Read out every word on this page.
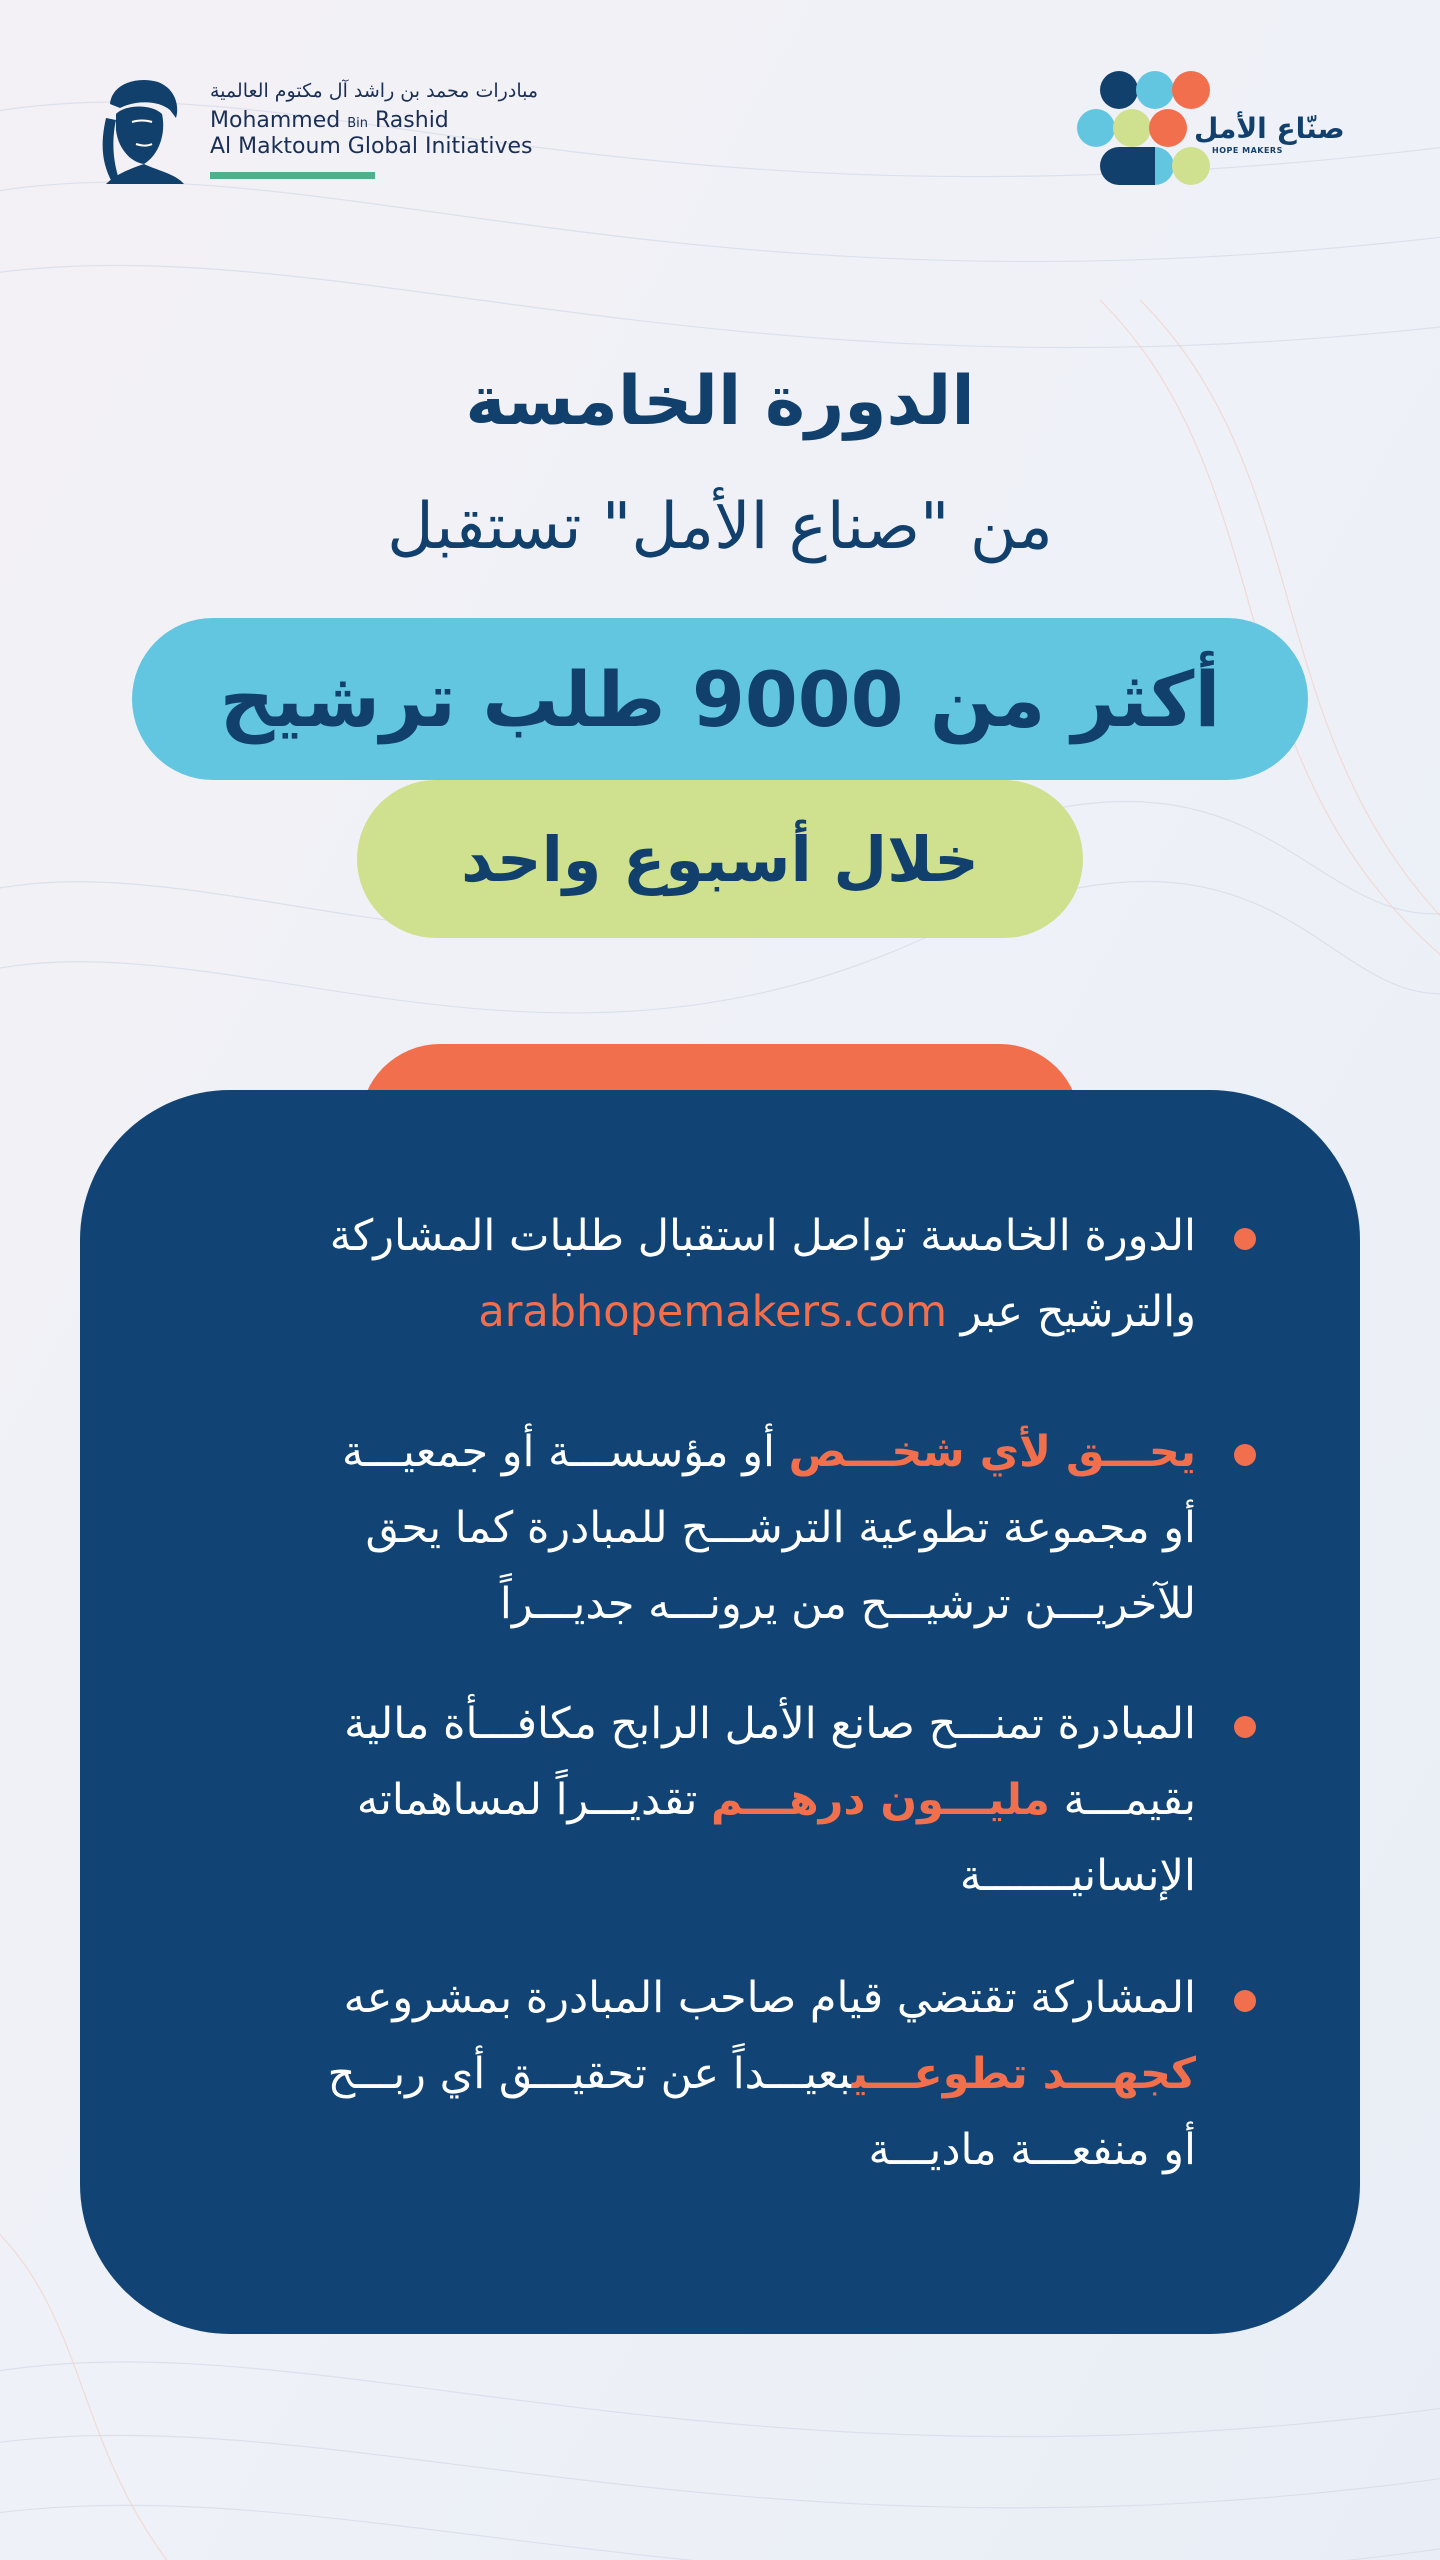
مبادرات محمد بن راشد آل مكتوم العالمية
Mohammed Bin Rashid
Al Maktoum Global Initiatives
صنّاع الأمل
HOPE MAKERS
الدورة الخامسة
من "صناع الأمل" تستقبل
أكثر من 9000 طلب ترشيح
خلال أسبوع واحد

الدورة الخامسة تواصل استقبال طلبات المشاركة

والترشيح عبر arabhopemakers.com

يحـــق لأي شخـــص أو مؤسســـة أو جمعيـــة

أو مجموعة تطوعية الترشـــح للمبادرة كما يحق

للآخريـــن ترشيـــح من يرونـــه جديـــراً

المبادرة تمنـــح صانع الأمل الرابح مكافـــأة مالية

بقيمـــة مليـــون درهـــم تقديـــراً لمساهماته

الإنسانيـــــــة

المشاركة تقتضي قيام صاحب المبادرة بمشروعه

كجهـــد تطوعـــيبعيـــداً عن تحقيـــق أي ربـــح

أو منفعـــة ماديـــة
